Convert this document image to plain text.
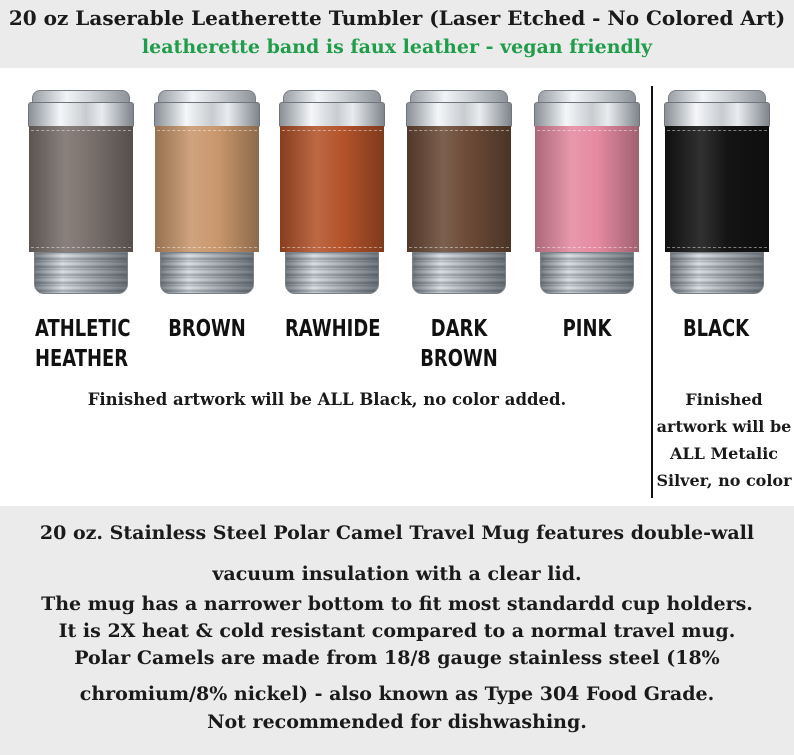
20 oz Laserable Leatherette Tumbler (Laser Etched - No Colored Art)
leatherette band is faux leather - vegan friendly
ATHLETIC
HEATHER
BROWN	RAWHIDE	DARK
BROWN
PINK	BLACK
Finished artwork will be ALL Black, no color added.	Finished
artwork will be
ALL Metalic
Silver, no color
20 oz. Stainless Steel Polar Camel Travel Mug features double-wall
vacuum insulation with a clear lid.
The mug has a narrower bottom to fit most standardd cup holders.
It is 2X heat & cold resistant compared to a normal travel mug.
Polar Camels are made from 18/8 gauge stainless steel (18%
chromium/8% nickel) - also known as Type 304 Food Grade.
Not recommended for dishwashing.
